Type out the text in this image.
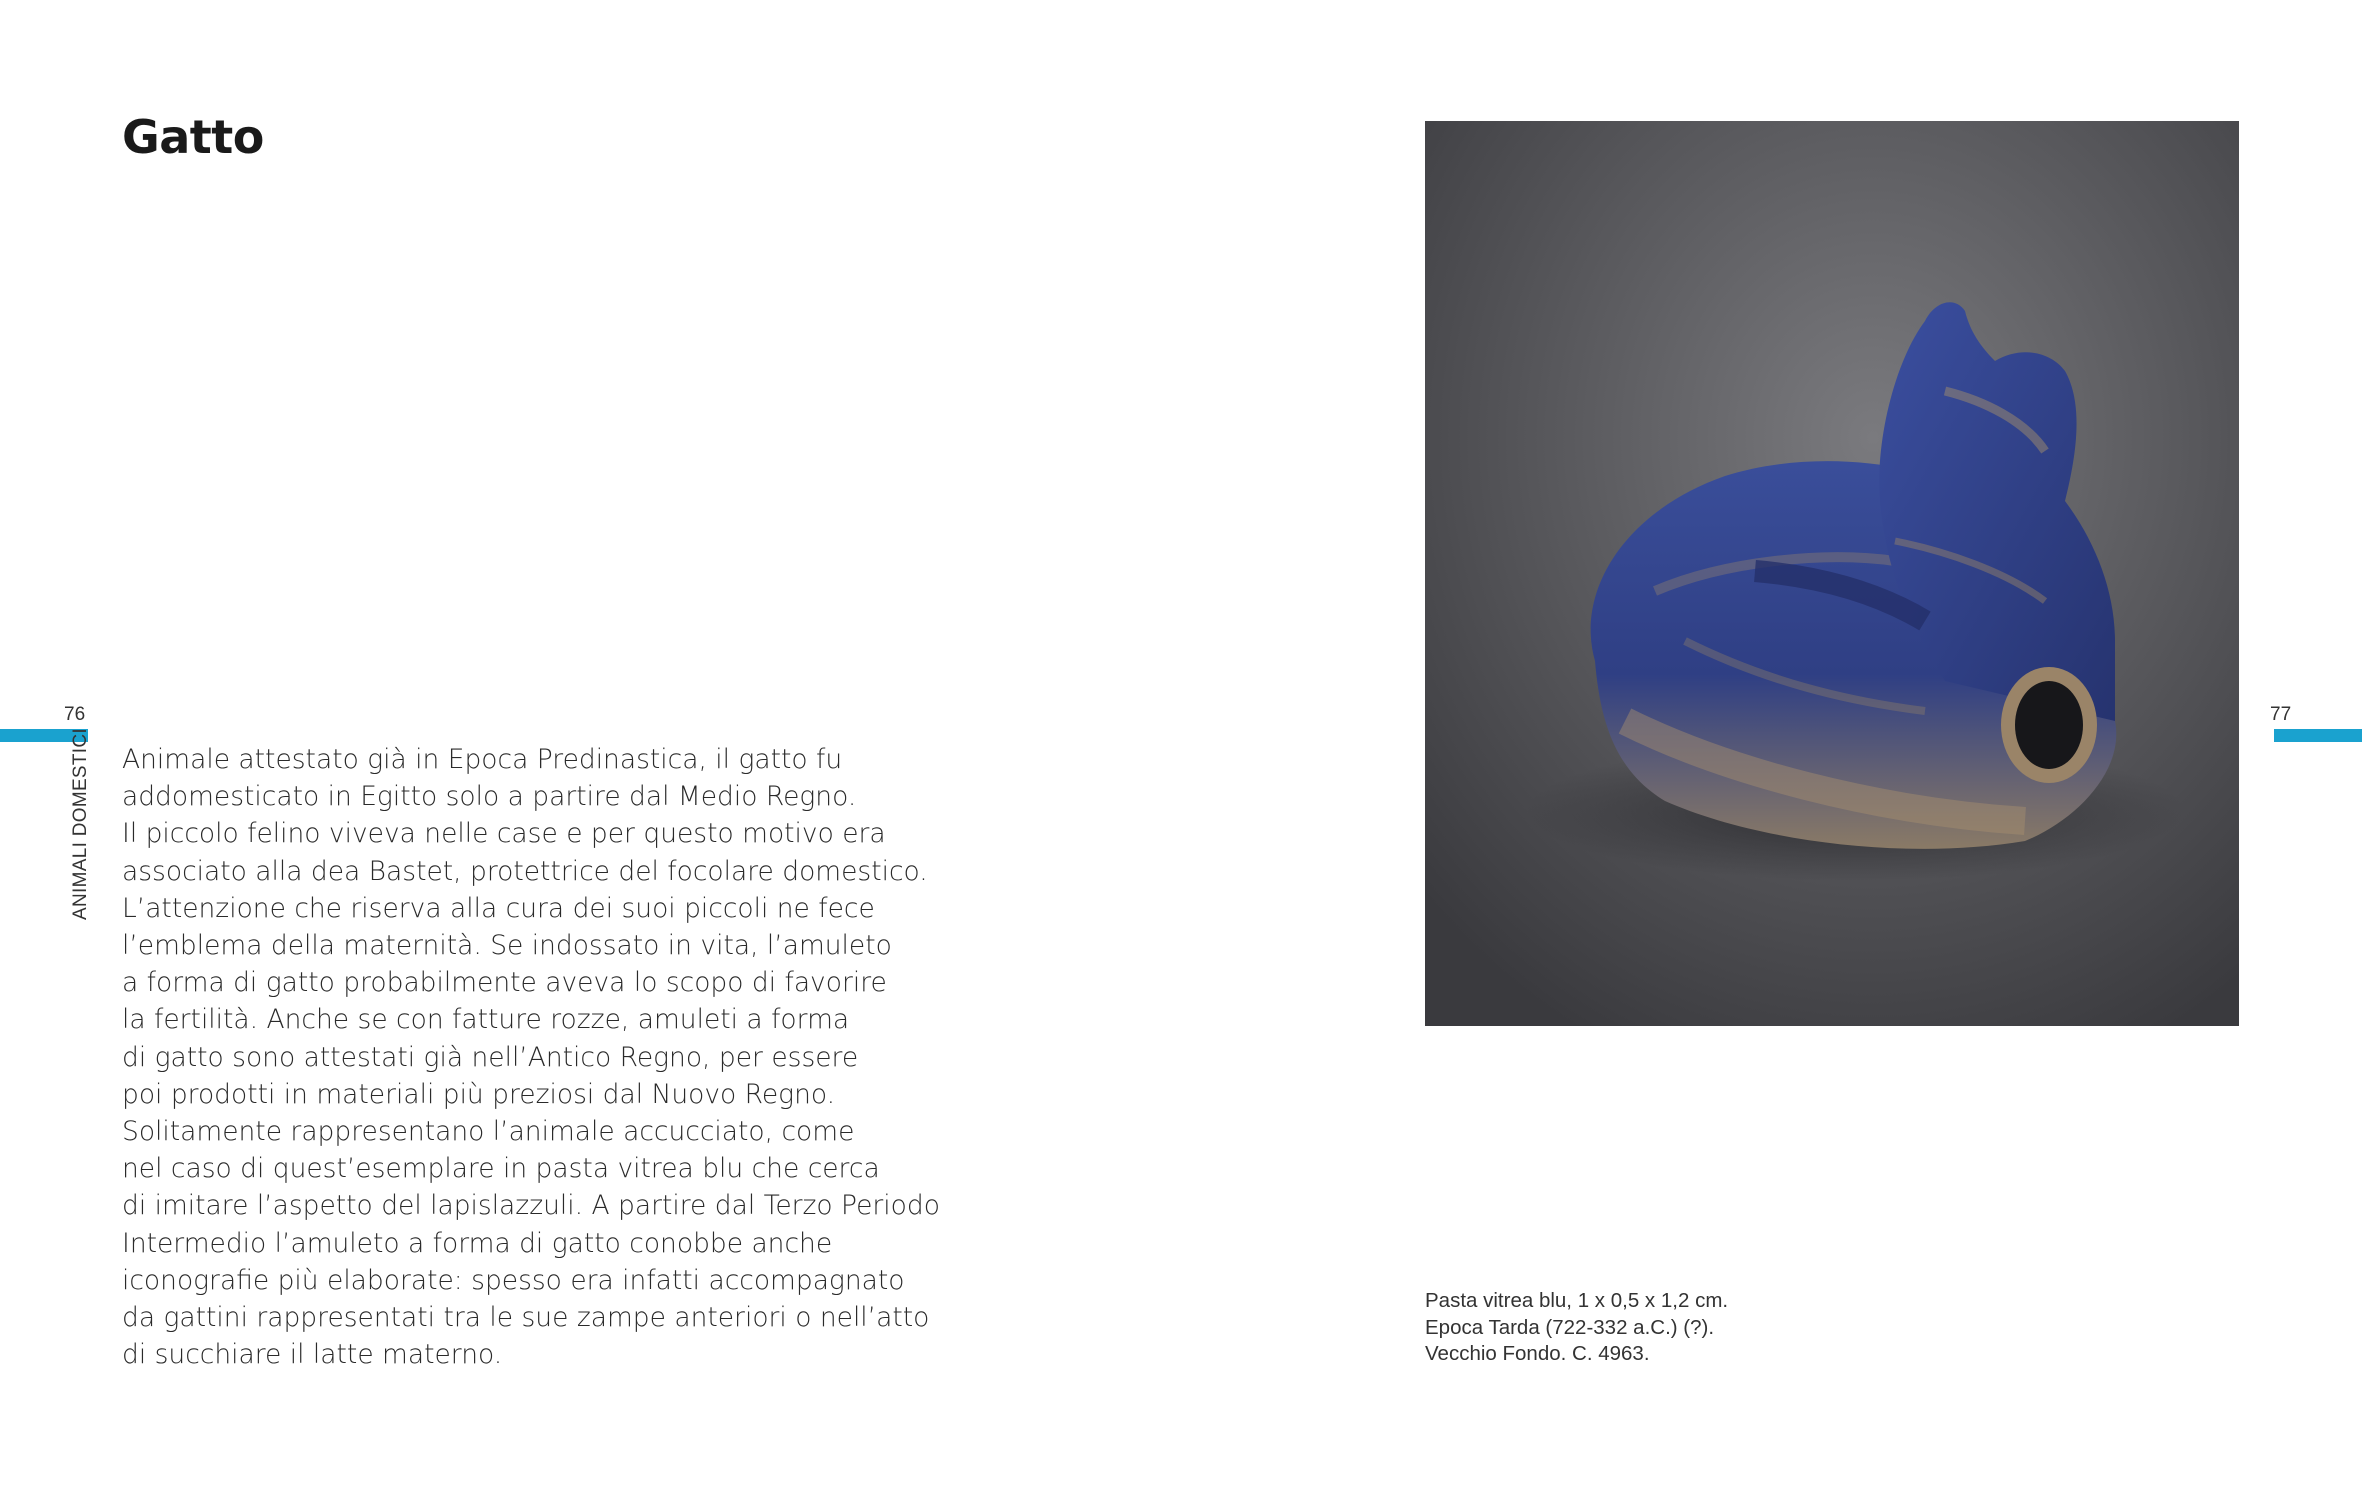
Gatto
76
ANIMALI DOMESTICI Animale attestato già in Epoca Predinastica, il gatto fu
addomesticato in Egitto solo a partire dal Medio Regno.
Il piccolo felino viveva nelle case e per questo motivo era
associato alla dea Bastet, protettrice del focolare domestico.
L’attenzione che riserva alla cura dei suoi piccoli ne fece
l’emblema della maternità. Se indossato in vita, l’amuleto
a forma di gatto probabilmente aveva lo scopo di favorire
la fertilità. Anche se con fatture rozze, amuleti a forma
di gatto sono attestati già nell’Antico Regno, per essere
poi prodotti in materiali più preziosi dal Nuovo Regno.
Solitamente rappresentano l’animale accucciato, come
nel caso di quest’esemplare in pasta vitrea blu che cerca
di imitare l’aspetto del lapislazzuli. A partire dal Terzo Periodo
Intermedio l’amuleto a forma di gatto conobbe anche
iconografie più elaborate: spesso era infatti accompagnato
da gattini rappresentati tra le sue zampe anteriori o nell’atto
di succhiare il latte materno.

77

Pasta vitrea blu, 1 x 0,5 x 1,2 cm.
Epoca Tarda (722-332 a.C.) (?).
Vecchio Fondo. C. 4963.
